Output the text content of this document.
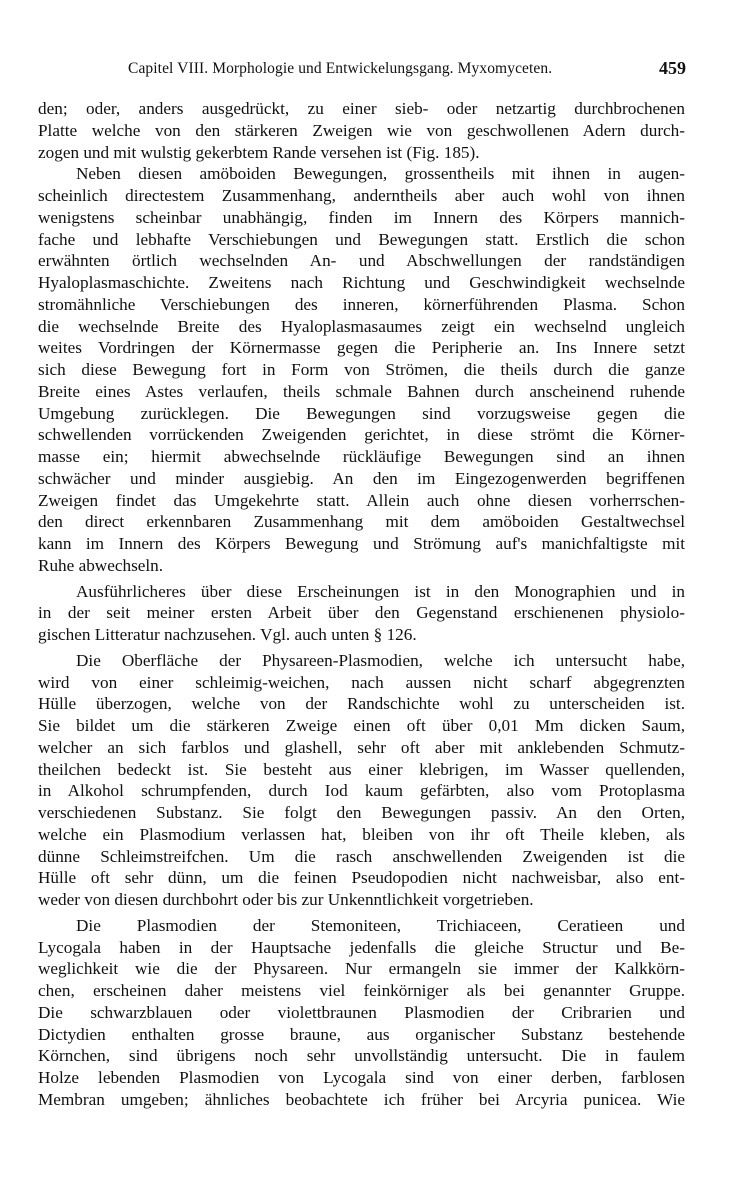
Capitel VIII. Morphologie und Entwickelungsgang. Myxomyceten.	459
den; oder, anders ausgedrückt, zu einer sieb- oder netzartig durchbrochenen
Platte welche von den stärkeren Zweigen wie von geschwollenen Adern durch-
zogen und mit wulstig gekerbtem Rande versehen ist (Fig. 185).
Neben diesen amöboiden Bewegungen, grossentheils mit ihnen in augen-
scheinlich directestem Zusammenhang, anderntheils aber auch wohl von ihnen
wenigstens scheinbar unabhängig, finden im Innern des Körpers mannich-
fache und lebhafte Verschiebungen und Bewegungen statt. Erstlich die schon
erwähnten örtlich wechselnden An- und Abschwellungen der randständigen
Hyaloplasmaschichte. Zweitens nach Richtung und Geschwindigkeit wechselnde
stromähnliche Verschiebungen des inneren, körnerführenden Plasma. Schon
die wechselnde Breite des Hyaloplasmasaumes zeigt ein wechselnd ungleich
weites Vordringen der Körnermasse gegen die Peripherie an. Ins Innere setzt
sich diese Bewegung fort in Form von Strömen, die theils durch die ganze
Breite eines Astes verlaufen, theils schmale Bahnen durch anscheinend ruhende
Umgebung zurücklegen. Die Bewegungen sind vorzugsweise gegen die
schwellenden vorrückenden Zweigenden gerichtet, in diese strömt die Körner-
masse ein; hiermit abwechselnde rückläufige Bewegungen sind an ihnen
schwächer und minder ausgiebig. An den im Eingezogenwerden begriffenen
Zweigen findet das Umgekehrte statt. Allein auch ohne diesen vorherrschen-
den direct erkennbaren Zusammenhang mit dem amöboiden Gestaltwechsel
kann im Innern des Körpers Bewegung und Strömung auf's manichfaltigste mit
Ruhe abwechseln.
Ausführlicheres über diese Erscheinungen ist in den Monographien und in
in der seit meiner ersten Arbeit über den Gegenstand erschienenen physiolo-
gischen Litteratur nachzusehen. Vgl. auch unten § 126.
Die Oberfläche der Physareen-Plasmodien, welche ich untersucht habe,
wird von einer schleimig-weichen, nach aussen nicht scharf abgegrenzten
Hülle überzogen, welche von der Randschichte wohl zu unterscheiden ist.
Sie bildet um die stärkeren Zweige einen oft über 0,01 Mm dicken Saum,
welcher an sich farblos und glashell, sehr oft aber mit anklebenden Schmutz-
theilchen bedeckt ist. Sie besteht aus einer klebrigen, im Wasser quellenden,
in Alkohol schrumpfenden, durch Iod kaum gefärbten, also vom Protoplasma
verschiedenen Substanz. Sie folgt den Bewegungen passiv. An den Orten,
welche ein Plasmodium verlassen hat, bleiben von ihr oft Theile kleben, als
dünne Schleimstreifchen. Um die rasch anschwellenden Zweigenden ist die
Hülle oft sehr dünn, um die feinen Pseudopodien nicht nachweisbar, also ent-
weder von diesen durchbohrt oder bis zur Unkenntlichkeit vorgetrieben.
Die Plasmodien der Stemoniteen, Trichiaceen, Ceratieen und
Lycogala haben in der Hauptsache jedenfalls die gleiche Structur und Be-
weglichkeit wie die der Physareen. Nur ermangeln sie immer der Kalkkörn-
chen, erscheinen daher meistens viel feinkörniger als bei genannter Gruppe.
Die schwarzblauen oder violettbraunen Plasmodien der Cribrarien und
Dictydien enthalten grosse braune, aus organischer Substanz bestehende
Körnchen, sind übrigens noch sehr unvollständig untersucht. Die in faulem
Holze lebenden Plasmodien von Lycogala sind von einer derben, farblosen
Membran umgeben; ähnliches beobachtete ich früher bei Arcyria punicea. Wie
